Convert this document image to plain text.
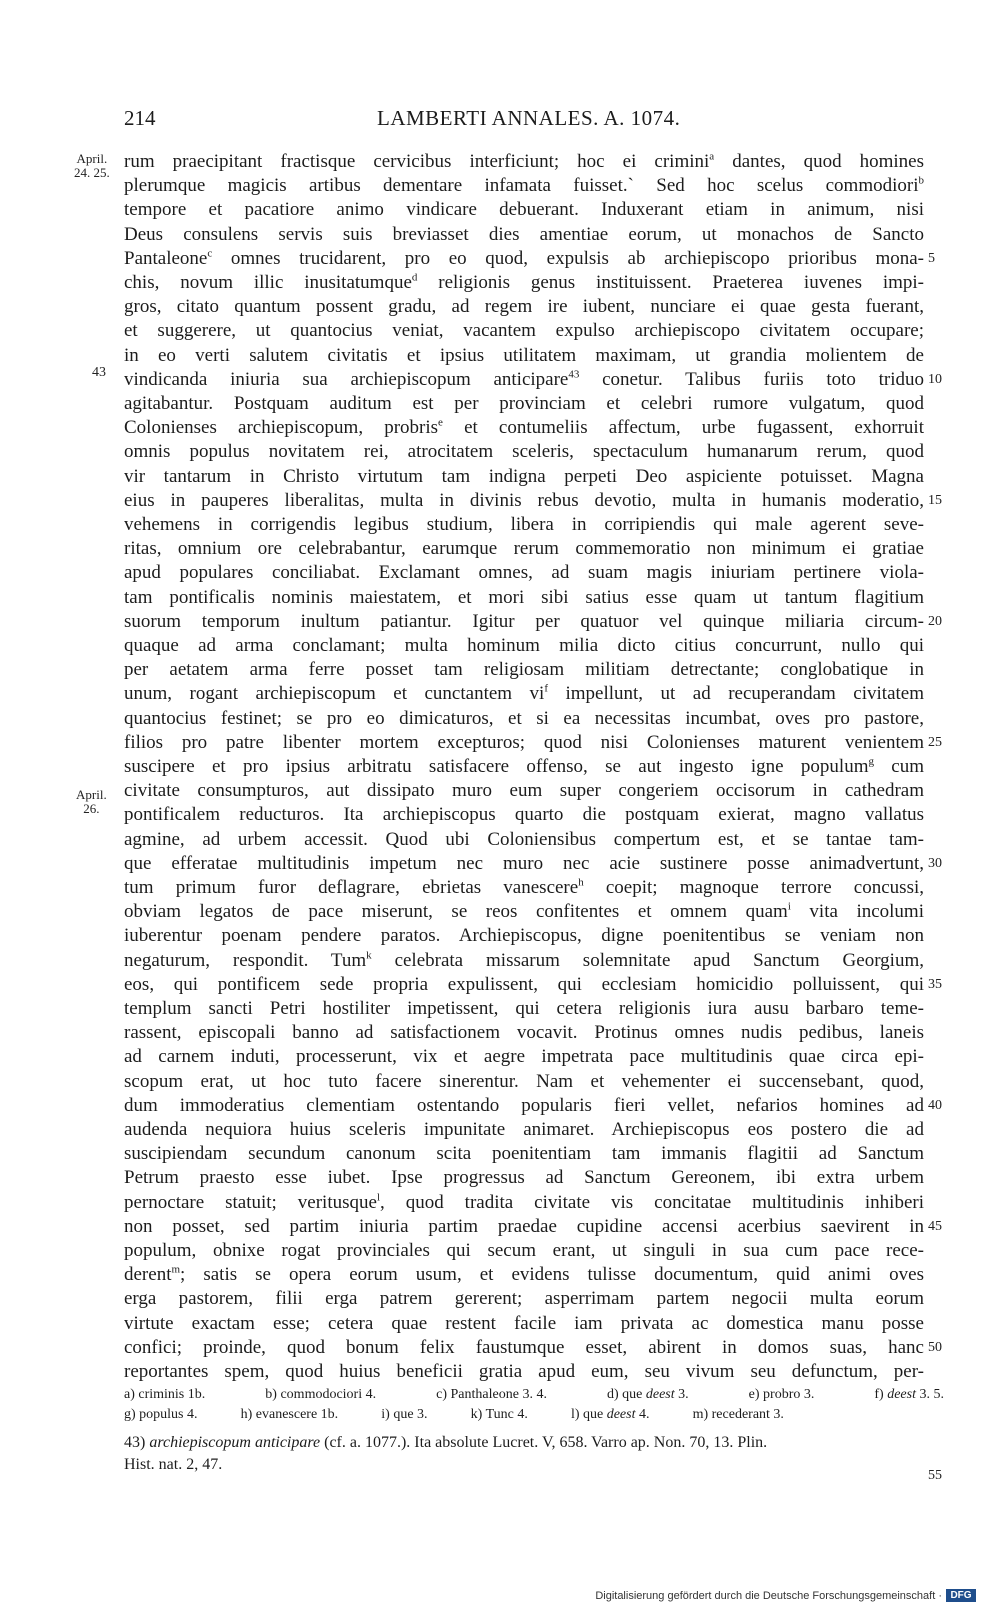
214	LAMBERTI ANNALES. A. 1074.
April.
24. 25.
April.
26.
43
rum praecipitant fractisque cervicibus interficiunt; hoc ei crimini$^a$ dantes, quod homines
plerumque magicis artibus dementare infamata fuisset.` Sed hoc scelus commodiori$^b$
tempore et pacatiore animo vindicare debuerant. Induxerant etiam in animum, nisi
Deus consulens servis suis breviasset dies amentiae eorum, ut monachos de Sancto
Pantaleone$^c$ omnes trucidarent, pro eo quod, expulsis ab archiepiscopo prioribus mona-
chis, novum illic inusitatumque$^d$ religionis genus instituissent. Praeterea iuvenes impi-
gros, citato quantum possent gradu, ad regem ire iubent, nunciare ei quae gesta fuerant,
et suggerere, ut quantocius veniat, vacantem expulso archiepiscopo civitatem occupare;
in eo verti salutem civitatis et ipsius utilitatem maximam, ut grandia molientem de
vindicanda iniuria sua archiepiscopum anticipare$^{43}$ conetur. Talibus furiis toto triduo
agitabantur. Postquam auditum est per provinciam et celebri rumore vulgatum, quod
Colonienses archiepiscopum, probris$^e$ et contumeliis affectum, urbe fugassent, exhorruit
omnis populus novitatem rei, atrocitatem sceleris, spectaculum humanarum rerum, quod
vir tantarum in Christo virtutum tam indigna perpeti Deo aspiciente potuisset. Magna
eius in pauperes liberalitas, multa in divinis rebus devotio, multa in humanis moderatio,
vehemens in corrigendis legibus studium, libera in corripiendis qui male agerent seve-
ritas, omnium ore celebrabantur, earumque rerum commemoratio non minimum ei gratiae
apud populares conciliabat. Exclamant omnes, ad suam magis iniuriam pertinere viola-
tam pontificalis nominis maiestatem, et mori sibi satius esse quam ut tantum flagitium
suorum temporum inultum patiantur. Igitur per quatuor vel quinque miliaria circum-
quaque ad arma conclamant; multa hominum milia dicto citius concurrunt, nullo qui
per aetatem arma ferre posset tam religiosam militiam detrectante; conglobatique in
unum, rogant archiepiscopum et cunctantem $vi^f$ impellunt, ut ad recuperandam civitatem
quantocius festinet; se pro eo dimicaturos, et si ea necessitas incumbat, oves pro pastore,
filios pro patre libenter mortem excepturos; quod nisi Colonienses maturent venientem
suscipere et pro ipsius arbitratu satisfacere offenso, se aut ingesto igne populum$^g$ cum
civitate consumpturos, aut dissipato muro eum super congeriem occisorum in cathedram
pontificalem reducturos. Ita archiepiscopus quarto die postquam exierat, magno vallatus
agmine, ad urbem accessit. Quod ubi Coloniensibus compertum est, et se tantae tam-
que efferatae multitudinis impetum nec muro nec acie sustinere posse animadvertunt,
tum primum furor deflagrare, ebrietas vanescere$^h$ coepit; magnoque terrore concussi,
obviam legatos de pace miserunt, se reos confitentes et omnem quam$^i$ vita incolumi
iuberentur poenam pendere paratos. Archiepiscopus, digne poenitentibus se veniam non
negaturum, respondit. Tum$^k$ celebrata missarum solemnitate apud Sanctum Georgium,
eos, qui pontificem sede propria expulissent, qui ecclesiam homicidio polluissent, qui
templum sancti Petri hostiliter impetissent, qui cetera religionis iura ausu barbaro teme-
rassent, episcopali banno ad satisfactionem vocavit. Protinus omnes nudis pedibus, laneis
ad carnem induti, processerunt, vix et aegre impetrata pace multitudinis quae circa epi-
scopum erat, ut hoc tuto facere sinerentur. Nam et vehementer ei succensebant, quod,
dum immoderatius clementiam ostentando popularis fieri vellet, nefarios homines ad
audenda nequiora huius sceleris impunitate animaret. Archiepiscopus eos postero die ad
suscipiendam secundum canonum scita poenitentiam tam immanis flagitii ad Sanctum
Petrum praesto esse iubet. Ipse progressus ad Sanctum Gereonem, ibi extra urbem
pernoctare statuit; veritusque$^l$, quod tradita civitate vis concitatae multitudinis inhiberi
non posset, sed partim iniuria partim praedae cupidine accensi acerbius saevirent in
populum, obnixe rogat provinciales qui secum erant, ut singuli in sua cum pace rece-
derent$^m$; satis se opera eorum usum, et evidens tulisse documentum, quid animi oves
erga pastorem, filii erga patrem gererent; asperrimam partem negocii multa eorum
virtute exactam esse; cetera quae restent facile iam privata ac domestica manu posse
confici; proinde, quod bonum felix faustumque esset, abirent in domos suas, hanc
reportantes spem, quod huius beneficii gratia apud eum, seu vivum seu defunctum, per-
5
10
15
20
25
30
35
40
45
50
55
a) criminis 1b.	b) commodociori 4.	c) Panthaleone 3. 4.	d) que deest 3.	e) probro 3.	f) deest 3. 5.
g) populus 4.	h) evanescere 1b.	i) que 3.	k) Tunc 4.	l) que deest 4.	m) recederant 3.
43) archiepiscopum anticipare (cf. a. 1077.). Ita absolute Lucret. V, 658. Varro ap. Non. 70, 13. Plin.
Hist. nat. 2, 47.
Digitalisierung gefördert durch die Deutsche Forschungsgemeinschaft · DFG
